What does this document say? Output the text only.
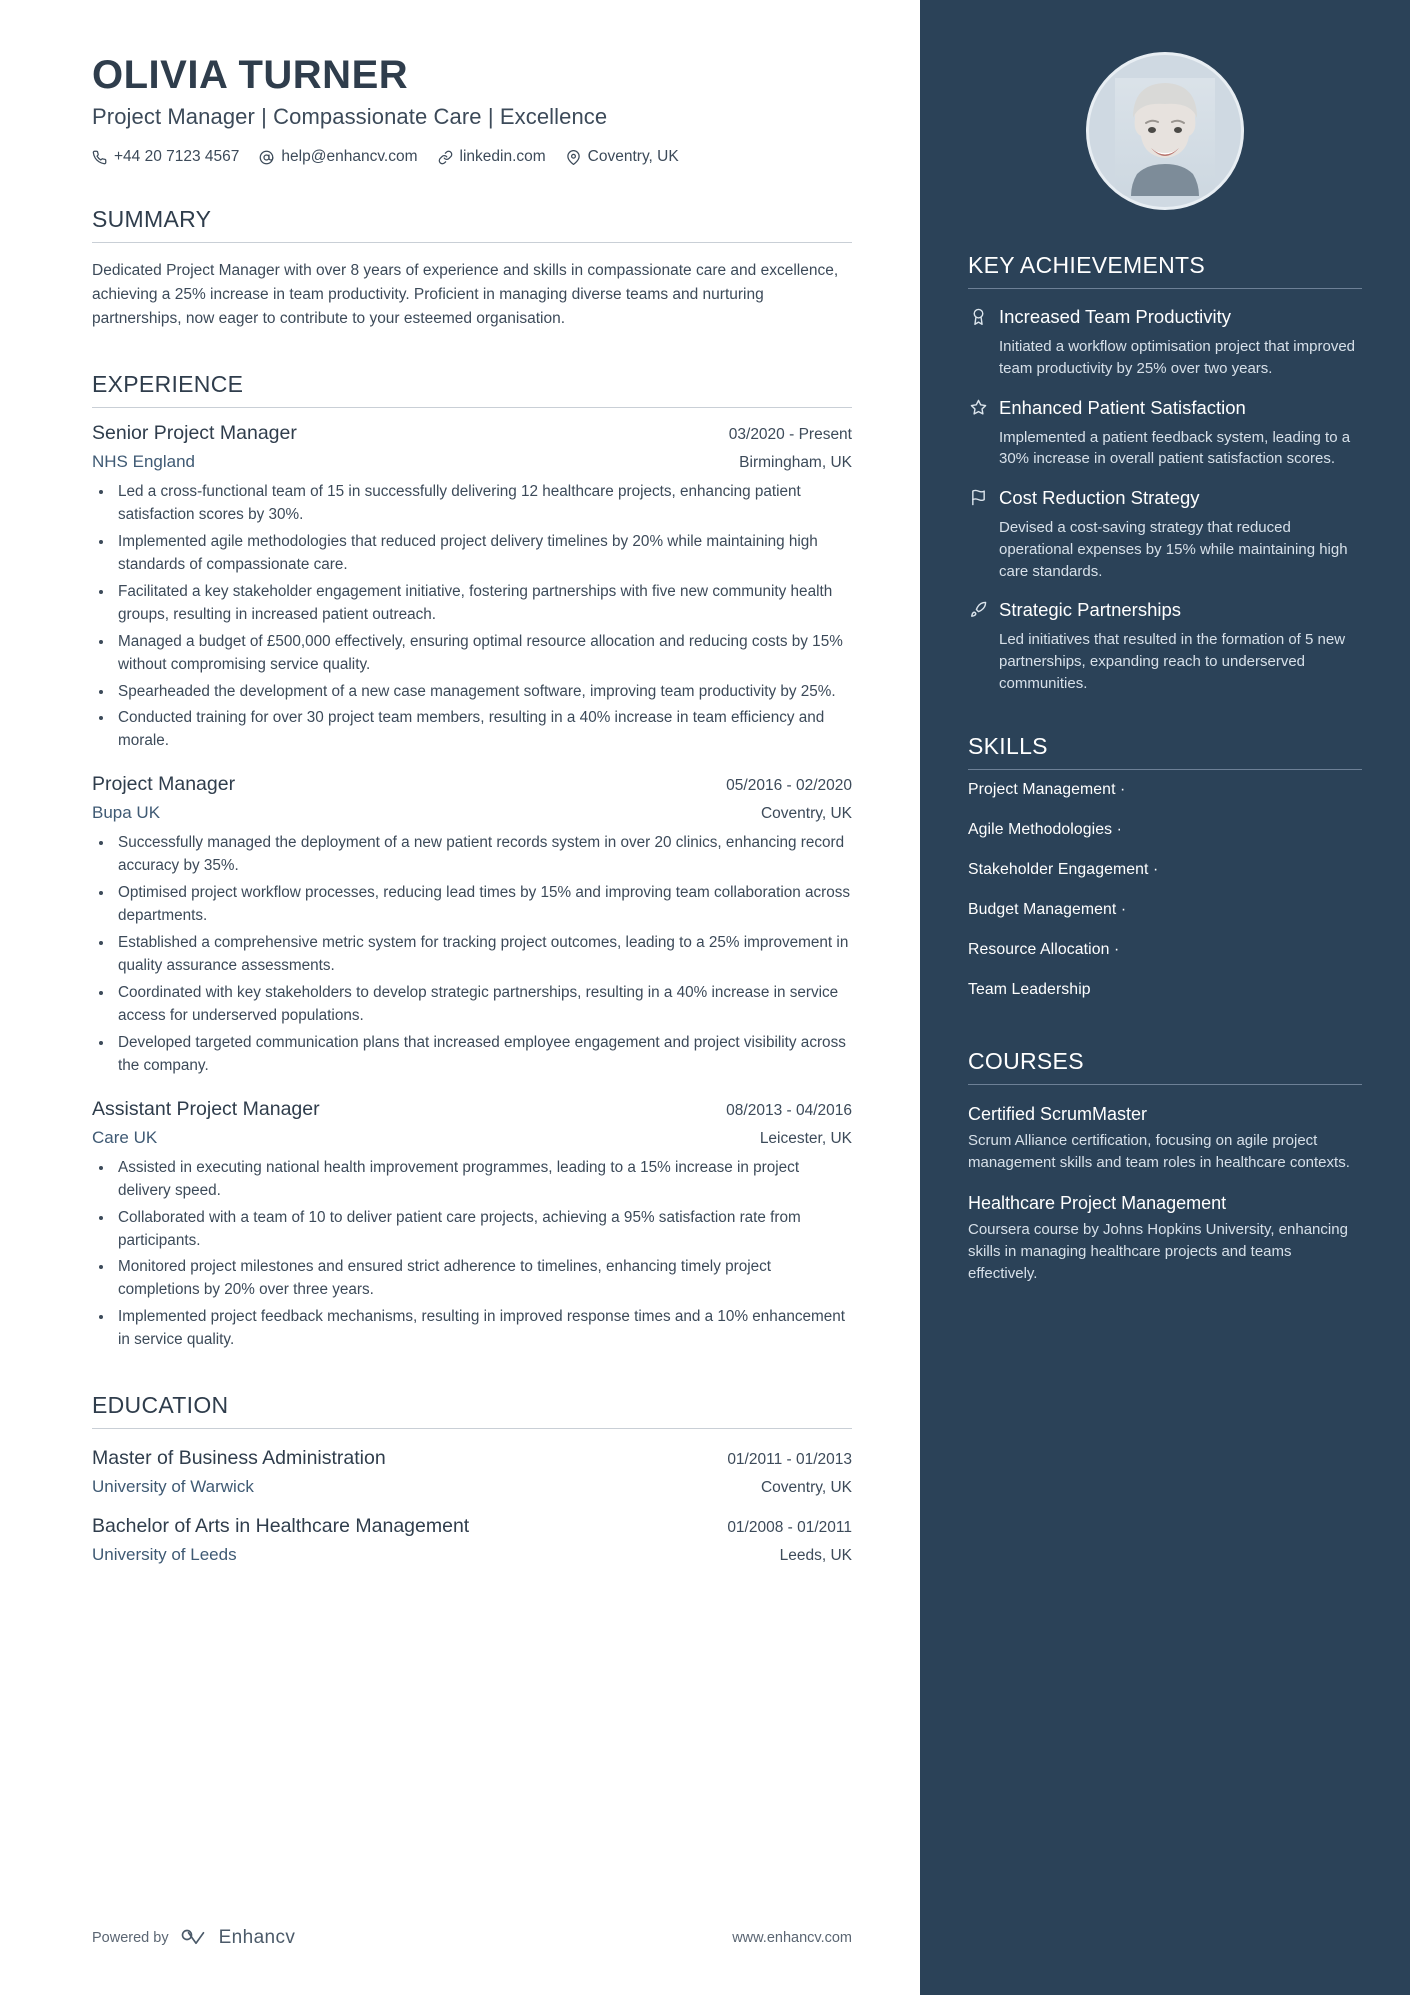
OLIVIA TURNER
Project Manager | Compassionate Care | Excellence
+44 20 7123 4567	help@enhancv.com	linkedin.com	Coventry, UK
SUMMARY
Dedicated Project Manager with over 8 years of experience and skills in compassionate care and excellence, achieving a 25% increase in team productivity. Proficient in managing diverse teams and nurturing partnerships, now eager to contribute to your esteemed organisation.
EXPERIENCE
Senior Project Manager	03/2020 - Present
NHS England	Birmingham, UK
• Led a cross-functional team of 15 in successfully delivering 12 healthcare projects, enhancing patient satisfaction scores by 30%.
• Implemented agile methodologies that reduced project delivery timelines by 20% while maintaining high standards of compassionate care.
• Facilitated a key stakeholder engagement initiative, fostering partnerships with five new community health groups, resulting in increased patient outreach.
• Managed a budget of £500,000 effectively, ensuring optimal resource allocation and reducing costs by 15% without compromising service quality.
• Spearheaded the development of a new case management software, improving team productivity by 25%.
• Conducted training for over 30 project team members, resulting in a 40% increase in team efficiency and morale.
Project Manager	05/2016 - 02/2020
Bupa UK	Coventry, UK
• Successfully managed the deployment of a new patient records system in over 20 clinics, enhancing record accuracy by 35%.
• Optimised project workflow processes, reducing lead times by 15% and improving team collaboration across departments.
• Established a comprehensive metric system for tracking project outcomes, leading to a 25% improvement in quality assurance assessments.
• Coordinated with key stakeholders to develop strategic partnerships, resulting in a 40% increase in service access for underserved populations.
• Developed targeted communication plans that increased employee engagement and project visibility across the company.
Assistant Project Manager	08/2013 - 04/2016
Care UK	Leicester, UK
• Assisted in executing national health improvement programmes, leading to a 15% increase in project delivery speed.
• Collaborated with a team of 10 to deliver patient care projects, achieving a 95% satisfaction rate from participants.
• Monitored project milestones and ensured strict adherence to timelines, enhancing timely project completions by 20% over three years.
• Implemented project feedback mechanisms, resulting in improved response times and a 10% enhancement in service quality.
EDUCATION
Master of Business Administration	01/2011 - 01/2013
University of Warwick	Coventry, UK
Bachelor of Arts in Healthcare Management	01/2008 - 01/2011
University of Leeds	Leeds, UK
Powered by	Enhancv	www.enhancv.com
KEY ACHIEVEMENTS
Increased Team Productivity
Initiated a workflow optimisation project that improved team productivity by 25% over two years.
Enhanced Patient Satisfaction
Implemented a patient feedback system, leading to a 30% increase in overall patient satisfaction scores.
Cost Reduction Strategy
Devised a cost-saving strategy that reduced operational expenses by 15% while maintaining high care standards.
Strategic Partnerships
Led initiatives that resulted in the formation of 5 new partnerships, expanding reach to underserved communities.
SKILLS
Project Management ·
Agile Methodologies ·
Stakeholder Engagement ·
Budget Management ·
Resource Allocation ·
Team Leadership
COURSES
Certified ScrumMaster
Scrum Alliance certification, focusing on agile project management skills and team roles in healthcare contexts.
Healthcare Project Management
Coursera course by Johns Hopkins University, enhancing skills in managing healthcare projects and teams effectively.
